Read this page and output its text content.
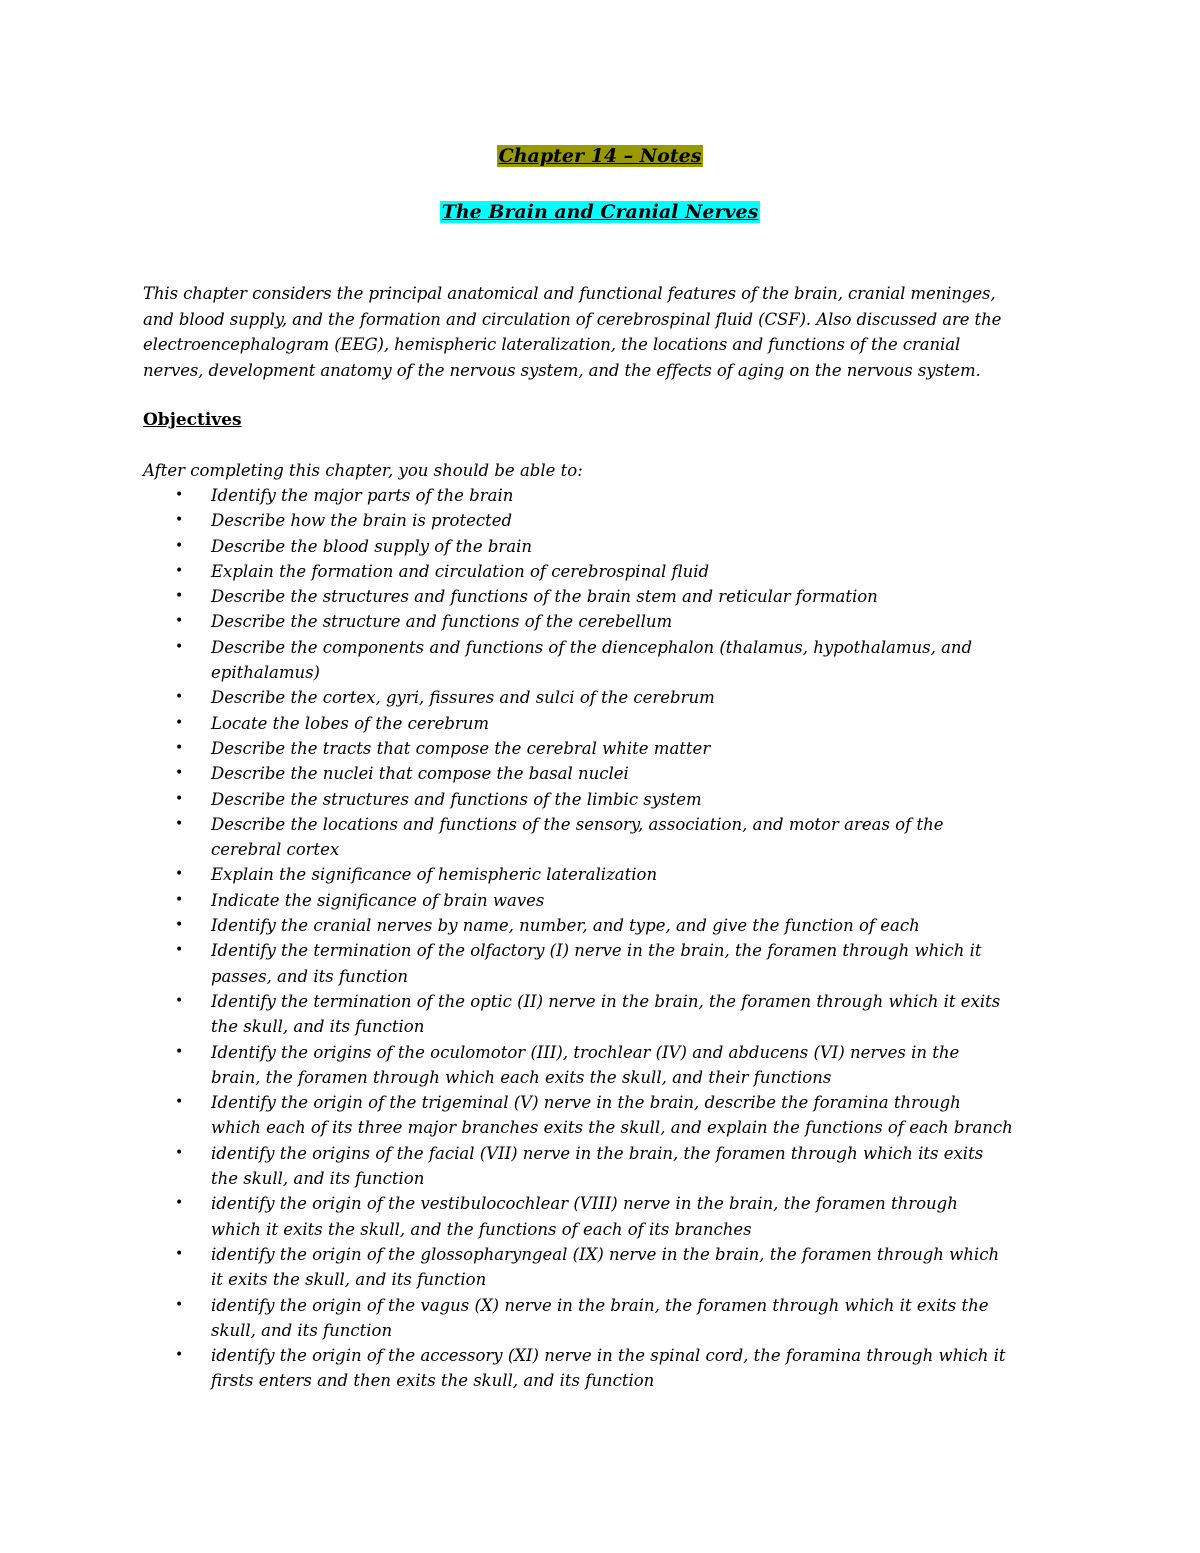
Chapter 14 – Notes
The Brain and Cranial Nerves
This chapter considers the principal anatomical and functional features of the brain, cranial meninges,
and blood supply, and the formation and circulation of cerebrospinal fluid (CSF). Also discussed are the
electroencephalogram (EEG), hemispheric lateralization, the locations and functions of the cranial
nerves, development anatomy of the nervous system, and the effects of aging on the nervous system.
Objectives
After completing this chapter, you should be able to:
• Identify the major parts of the brain
• Describe how the brain is protected
• Describe the blood supply of the brain
• Explain the formation and circulation of cerebrospinal fluid
• Describe the structures and functions of the brain stem and reticular formation
• Describe the structure and functions of the cerebellum
• Describe the components and functions of the diencephalon (thalamus, hypothalamus, and
epithalamus)
• Describe the cortex, gyri, fissures and sulci of the cerebrum
• Locate the lobes of the cerebrum
• Describe the tracts that compose the cerebral white matter
• Describe the nuclei that compose the basal nuclei
• Describe the structures and functions of the limbic system
• Describe the locations and functions of the sensory, association, and motor areas of the
cerebral cortex
• Explain the significance of hemispheric lateralization
• Indicate the significance of brain waves
• Identify the cranial nerves by name, number, and type, and give the function of each
• Identify the termination of the olfactory (I) nerve in the brain, the foramen through which it
passes, and its function
• Identify the termination of the optic (II) nerve in the brain, the foramen through which it exits
the skull, and its function
• Identify the origins of the oculomotor (III), trochlear (IV) and abducens (VI) nerves in the
brain, the foramen through which each exits the skull, and their functions
• Identify the origin of the trigeminal (V) nerve in the brain, describe the foramina through
which each of its three major branches exits the skull, and explain the functions of each branch
• identify the origins of the facial (VII) nerve in the brain, the foramen through which its exits
the skull, and its function
• identify the origin of the vestibulocochlear (VIII) nerve in the brain, the foramen through
which it exits the skull, and the functions of each of its branches
• identify the origin of the glossopharyngeal (IX) nerve in the brain, the foramen through which
it exits the skull, and its function
• identify the origin of the vagus (X) nerve in the brain, the foramen through which it exits the
skull, and its function
• identify the origin of the accessory (XI) nerve in the spinal cord, the foramina through which it
firsts enters and then exits the skull, and its function
